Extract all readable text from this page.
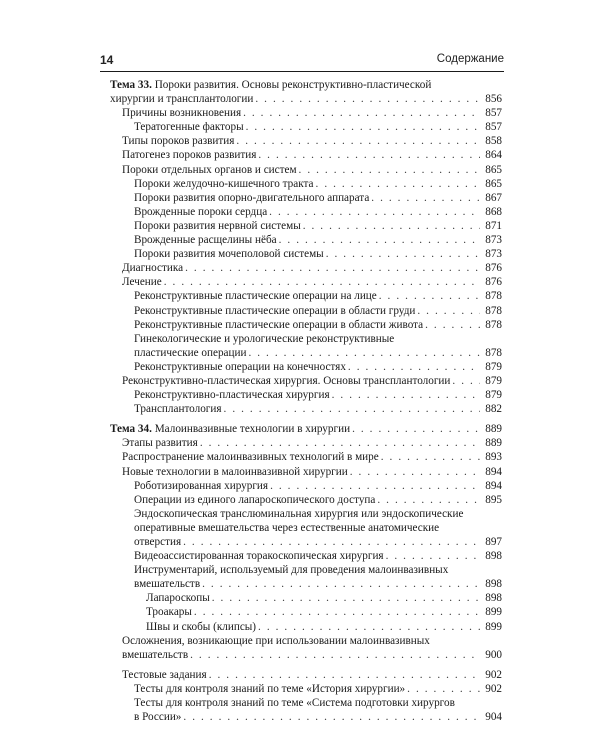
14	Содержание
Тема 33. Пороки развития. Основы реконструктивно-пластической
хирургии и трансплантологии . . .	856
Причины возникновения . . .	857
Тератогенные факторы . . .	857
Типы пороков развития . . .	858
Патогенез пороков развития . . .	864
Пороки отдельных органов и систем . . .	865
Пороки желудочно-кишечного тракта . . .	865
Пороки развития опорно-двигательного аппарата . . .	867
Врожденные пороки сердца . . .	868
Пороки развития нервной системы . . .	871
Врожденные расщелины нёба . . .	873
Пороки развития мочеполовой системы . . .	873
Диагностика . . .	876
Лечение . . .	876
Реконструктивные пластические операции на лице . . .	878
Реконструктивные пластические операции в области груди . . .	878
Реконструктивные пластические операции в области живота . . .	878
Гинекологические и урологические реконструктивные
пластические операции . . .	878
Реконструктивные операции на конечностях . . .	879
Реконструктивно-пластическая хирургия. Основы трансплантологии . . .	879
Реконструктивно-пластическая хирургия . . .	879
Трансплантология . . .	882
Тема 34. Малоинвазивные технологии в хирургии . . .	889
Этапы развития . . .	889
Распространение малоинвазивных технологий в мире . . .	893
Новые технологии в малоинвазивной хирургии . . .	894
Роботизированная хирургия . . .	894
Операции из единого лапароскопического доступа . . .	895
Эндоскопическая транслюминальная хирургия или эндоскопические
оперативные вмешательства через естественные анатомические
отверстия . . .	897
Видеоассистированная торакоскопическая хирургия . . .	898
Инструментарий, используемый для проведения малоинвазивных
вмешательств . . .	898
Лапароскопы . . .	898
Троакары . . .	899
Швы и скобы (клипсы) . . .	899
Осложнения, возникающие при использовании малоинвазивных
вмешательств . . .	900
Тестовые задания . . .	902
Тесты для контроля знаний по теме «История хирургии» . . .	902
Тесты для контроля знаний по теме «Система подготовки хирургов
в России» . . .	904
